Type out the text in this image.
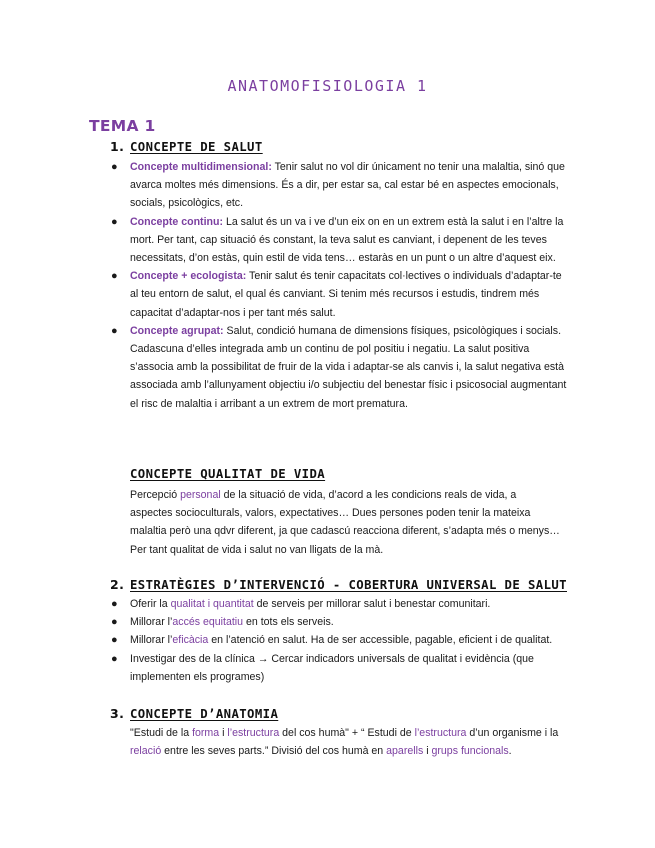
ANATOMOFISIOLOGIA 1
TEMA 1
1. CONCEPTE DE SALUT
● Concepte multidimensional: Tenir salut no vol dir únicament no tenir una malaltia, sinó que avarca moltes més dimensions. És a dir, per estar sa, cal estar bé en aspectes emocionals, socials, psicològics, etc.
● Concepte continu: La salut és un va i ve d’un eix on en un extrem està la salut i en l’altre la mort. Per tant, cap situació és constant, la teva salut es canviant, i depenent de les teves necessitats, d’on estàs, quin estil de vida tens… estaràs en un punt o un altre d’aquest eix.
● Concepte + ecologista: Tenir salut és tenir capacitats col·lectives o individuals d’adaptar-te al teu entorn de salut, el qual és canviant. Si tenim més recursos i estudis, tindrem més capacitat d’adaptar-nos i per tant més salut.
● Concepte agrupat: Salut, condició humana de dimensions físiques, psicològiques i socials. Cadascuna d’elles integrada amb un continu de pol positiu i negatiu. La salut positiva s’associa amb la possibilitat de fruir de la vida i adaptar-se als canvis i, la salut negativa està associada amb l’allunyament objectiu i/o subjectiu del benestar físic i psicosocial augmentant el risc de malaltia i arribant a un extrem de mort prematura.
CONCEPTE QUALITAT DE VIDA
Percepció personal de la situació de vida, d’acord a les condicions reals de vida, a aspectes socioculturals, valors, expectatives… Dues persones poden tenir la mateixa malaltia però una qdvr diferent, ja que cadascú reacciona diferent, s’adapta més o menys… Per tant qualitat de vida i salut no van lligats de la mà.
2. ESTRATÈGIES D’INTERVENCIÓ - COBERTURA UNIVERSAL DE SALUT
● Oferir la qualitat i quantitat de serveis per millorar salut i benestar comunitari.
● Millorar l’accés equitatiu en tots els serveis.
● Millorar l’eficàcia en l’atenció en salut. Ha de ser accessible, pagable, eficient i de qualitat.
● Investigar des de la clínica → Cercar indicadors universals de qualitat i evidència (que implementen els programes)
3. CONCEPTE D’ANATOMIA
"Estudi de la forma i l’estructura del cos humà" + “ Estudi de l’estructura d’un organisme i la relació entre les seves parts.” Divisió del cos humà en aparells i grups funcionals.
